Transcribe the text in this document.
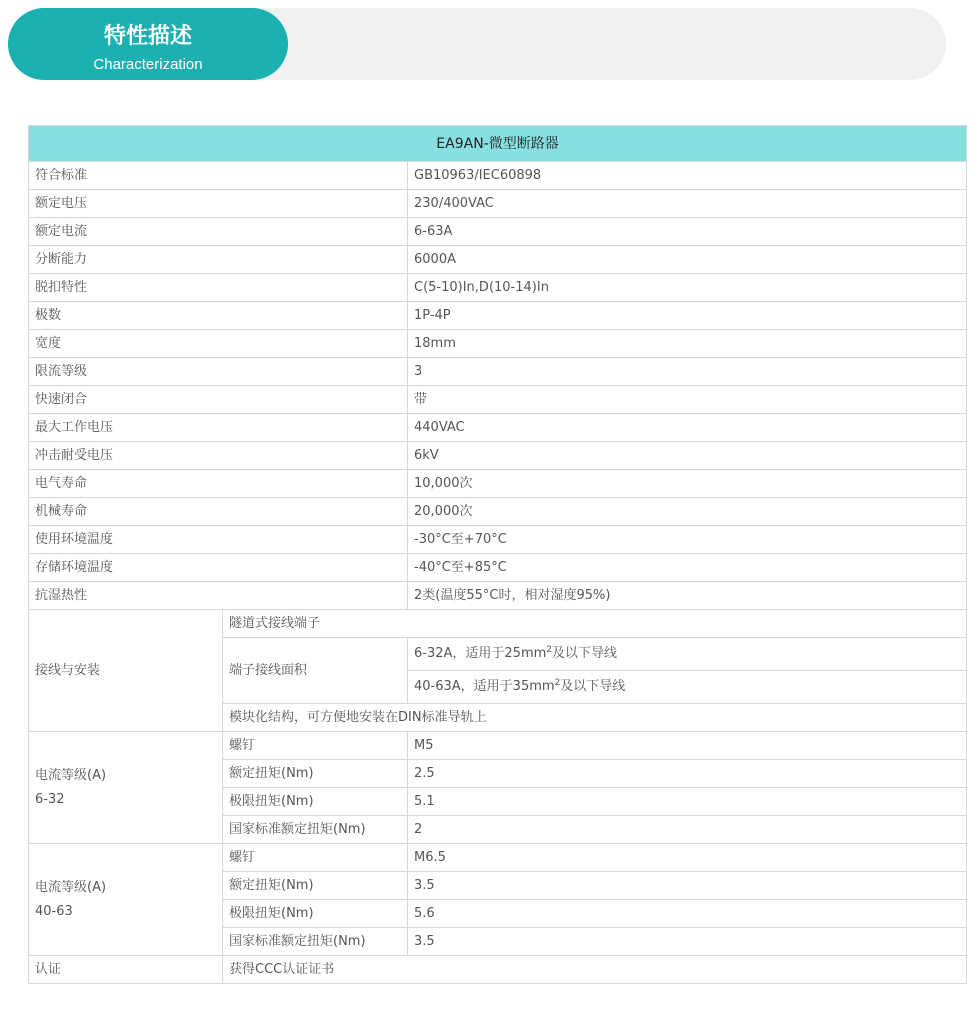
特性描述
Characterization
EA9AN-微型断路器		
符合标准		GB10963/IEC60898
额定电压		230/400VAC
额定电流		6-63A
分断能力		6000A
脱扣特性		C(5-10)In,D(10-14)In
极数		1P-4P
宽度		18mm
限流等级		3
快速闭合		带
最大工作电压		440VAC
冲击耐受电压		6kV
电气寿命		10,000次
机械寿命		20,000次
使用环境温度		-30°C至+70°C
存储环境温度		-40°C至+85°C
抗湿热性		2类(温度55°C时，相对湿度95%)
接线与安装	隧道式接线端子	
	端子接线面积	6-32A，适用于$25mm^2$及以下导线
		40-63A，适用于$35mm^2$及以下导线
	模块化结构，可方便地安装在DIN标准导轨上	

电流等级(A)
6-32	螺钉	M5
	额定扭矩(Nm)	2.5
	极限扭矩(Nm)	5.1
	国家标准额定扭矩(Nm)	2

电流等级(A)
40-63	螺钉	M6.5
	额定扭矩(Nm)	3.5
	极限扭矩(Nm)	5.6
	国家标准额定扭矩(Nm)	3.5
认证	获得CCC认证证书	
